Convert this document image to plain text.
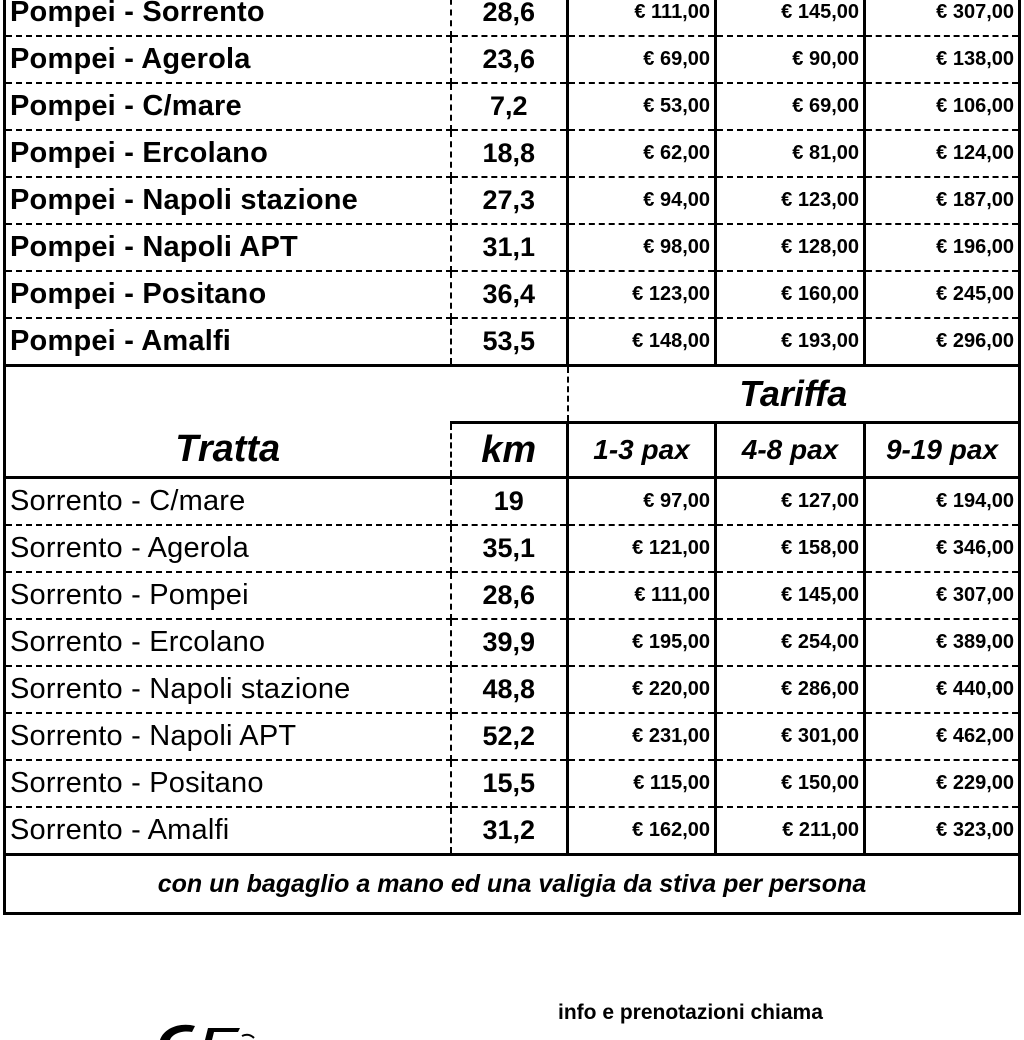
Pompei - Sorrento	28,6	€ 111,00	€ 145,00	€ 307,00
Pompei - Agerola	23,6	€ 69,00	€ 90,00	€ 138,00
Pompei - C/mare	7,2	€ 53,00	€ 69,00	€ 106,00
Pompei - Ercolano	18,8	€ 62,00	€ 81,00	€ 124,00
Pompei - Napoli stazione	27,3	€ 94,00	€ 123,00	€ 187,00
Pompei - Napoli APT	31,1	€ 98,00	€ 128,00	€ 196,00
Pompei - Positano	36,4	€ 123,00	€ 160,00	€ 245,00
Pompei - Amalfi	53,5	€ 148,00	€ 193,00	€ 296,00
		Tariffa		
Tratta	km	1-3 pax	4-8 pax	9-19 pax
Sorrento - C/mare	19	€ 97,00	€ 127,00	€ 194,00
Sorrento - Agerola	35,1	€ 121,00	€ 158,00	€ 346,00
Sorrento - Pompei	28,6	€ 111,00	€ 145,00	€ 307,00
Sorrento - Ercolano	39,9	€ 195,00	€ 254,00	€ 389,00
Sorrento - Napoli stazione	48,8	€ 220,00	€ 286,00	€ 440,00
Sorrento - Napoli APT	52,2	€ 231,00	€ 301,00	€ 462,00
Sorrento - Positano	15,5	€ 115,00	€ 150,00	€ 229,00
Sorrento - Amalfi	31,2	€ 162,00	€ 211,00	€ 323,00
con un bagaglio a mano ed una valigia da stiva per persona				
info e prenotazioni chiama
